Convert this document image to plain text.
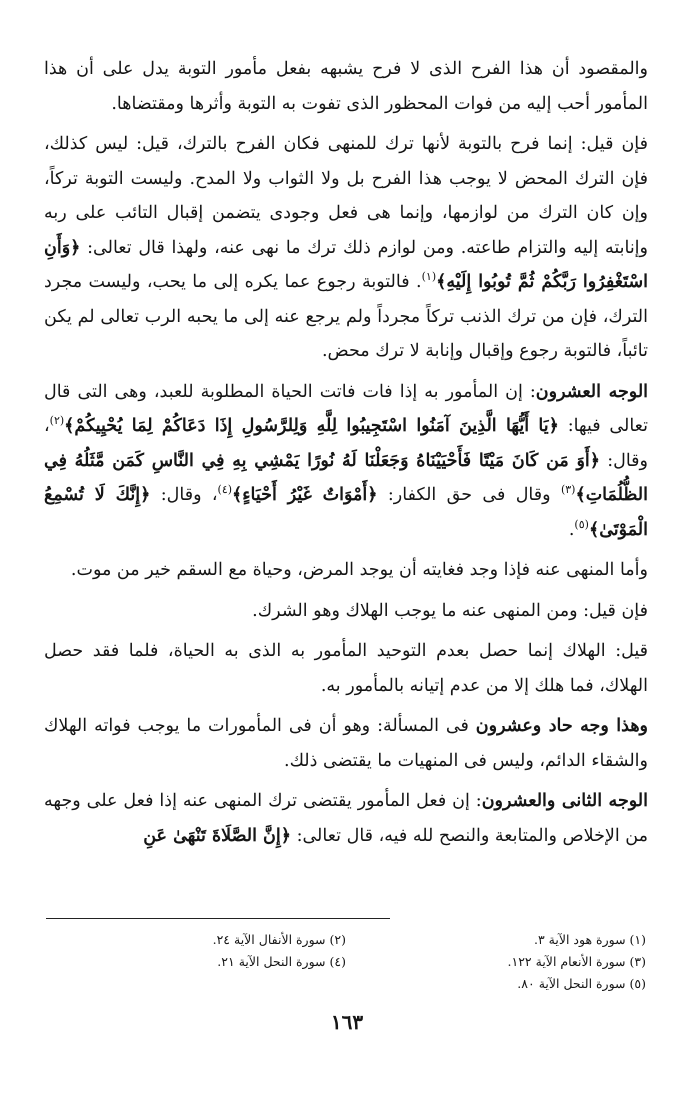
والمقصود أن هذا الفرح الذى لا فرح يشبهه بفعل مأمور التوبة يدل على أن هذا المأمور أحب إليه من فوات المحظور الذى تفوت به التوبة وأثرها ومقتضاها.

فإن قيل: إنما فرح بالتوبة لأنها ترك للمنهى فكان الفرح بالترك، قيل: ليس كذلك، فإن الترك المحض لا يوجب هذا الفرح بل ولا الثواب ولا المدح. وليست التوبة تركاً، وإن كان الترك من لوازمها، وإنما هى فعل وجودى يتضمن إقبال التائب على ربه وإنابته إليه والتزام طاعته. ومن لوازم ذلك ترك ما نهى عنه، ولهذا قال تعالى: ﴿وَأَنِ اسْتَغْفِرُوا رَبَّكُمْ ثُمَّ تُوبُوا إِلَيْهِ﴾$^{(١)}$. فالتوبة رجوع عما يكره إلى ما يحب، وليست مجرد الترك، فإن من ترك الذنب تركاً مجرداً ولم يرجع عنه إلى ما يحبه الرب تعالى لم يكن تائباً، فالتوبة رجوع وإقبال وإنابة لا ترك محض.

الوجه العشرون: إن المأمور به إذا فات فاتت الحياة المطلوبة للعبد، وهى التى قال تعالى فيها: ﴿يَا أَيُّهَا الَّذِينَ آمَنُوا اسْتَجِيبُوا لِلَّهِ وَلِلرَّسُولِ إِذَا دَعَاكُمْ لِمَا يُحْيِيكُمْ﴾$^{(٢)}$، وقال: ﴿أَوَ مَن كَانَ مَيْتًا فَأَحْيَيْنَاهُ وَجَعَلْنَا لَهُ نُورًا يَمْشِي بِهِ فِي النَّاسِ كَمَن مَّثَلُهُ فِي الظُّلُمَاتِ﴾$^{(٣)}$ وقال فى حق الكفار: ﴿أَمْوَاتٌ غَيْرُ أَحْيَاءٍ﴾$^{(٤)}$، وقال: ﴿إِنَّكَ لَا تُسْمِعُ الْمَوْتَىٰ﴾$^{(٥)}$.

وأما المنهى عنه فإذا وجد فغايته أن يوجد المرض، وحياة مع السقم خير من موت.

فإن قيل: ومن المنهى عنه ما يوجب الهلاك وهو الشرك.

قيل: الهلاك إنما حصل بعدم التوحيد المأمور به الذى به الحياة، فلما فقد حصل الهلاك، فما هلك إلا من عدم إتيانه بالمأمور به.

وهذا وجه حاد وعشرون فى المسألة: وهو أن فى المأمورات ما يوجب فواته الهلاك والشقاء الدائم، وليس فى المنهيات ما يقتضى ذلك.

الوجه الثانى والعشرون: إن فعل المأمور يقتضى ترك المنهى عنه إذا فعل على وجهه من الإخلاص والمتابعة والنصح لله فيه، قال تعالى: ﴿إِنَّ الصَّلَاةَ تَنْهَىٰ عَنِ

(١) سورة هود الآية ٣.
(٢) سورة الأنفال الآية ٢٤.
(٣) سورة الأنعام الآية ١٢٢.
(٤) سورة النحل الآية ٢١.
(٥) سورة النحل الآية ٨٠.
١٦٣
